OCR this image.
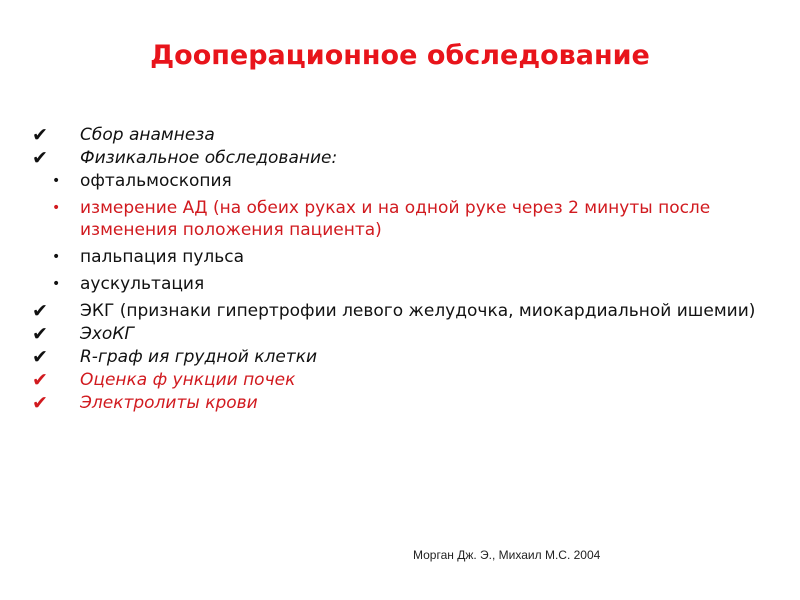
Дооперационное обследование
✔	Сбор анамнеза
✔	Физикальное обследование:
•	офтальмоскопия
•	измерение АД (на обеих руках и на одной руке через 2 минуты после изменения положения пациента)
•	пальпация пульса
•	аускультация
✔	ЭКГ (признаки гипертрофии левого желудочка, миокардиальной ишемии)
✔	ЭхоКГ
✔	R-граф ия грудной клетки
✔	Оценка ф ункции почек
✔	Электролиты крови
Морган Дж. Э., Михаил М.С. 2004
